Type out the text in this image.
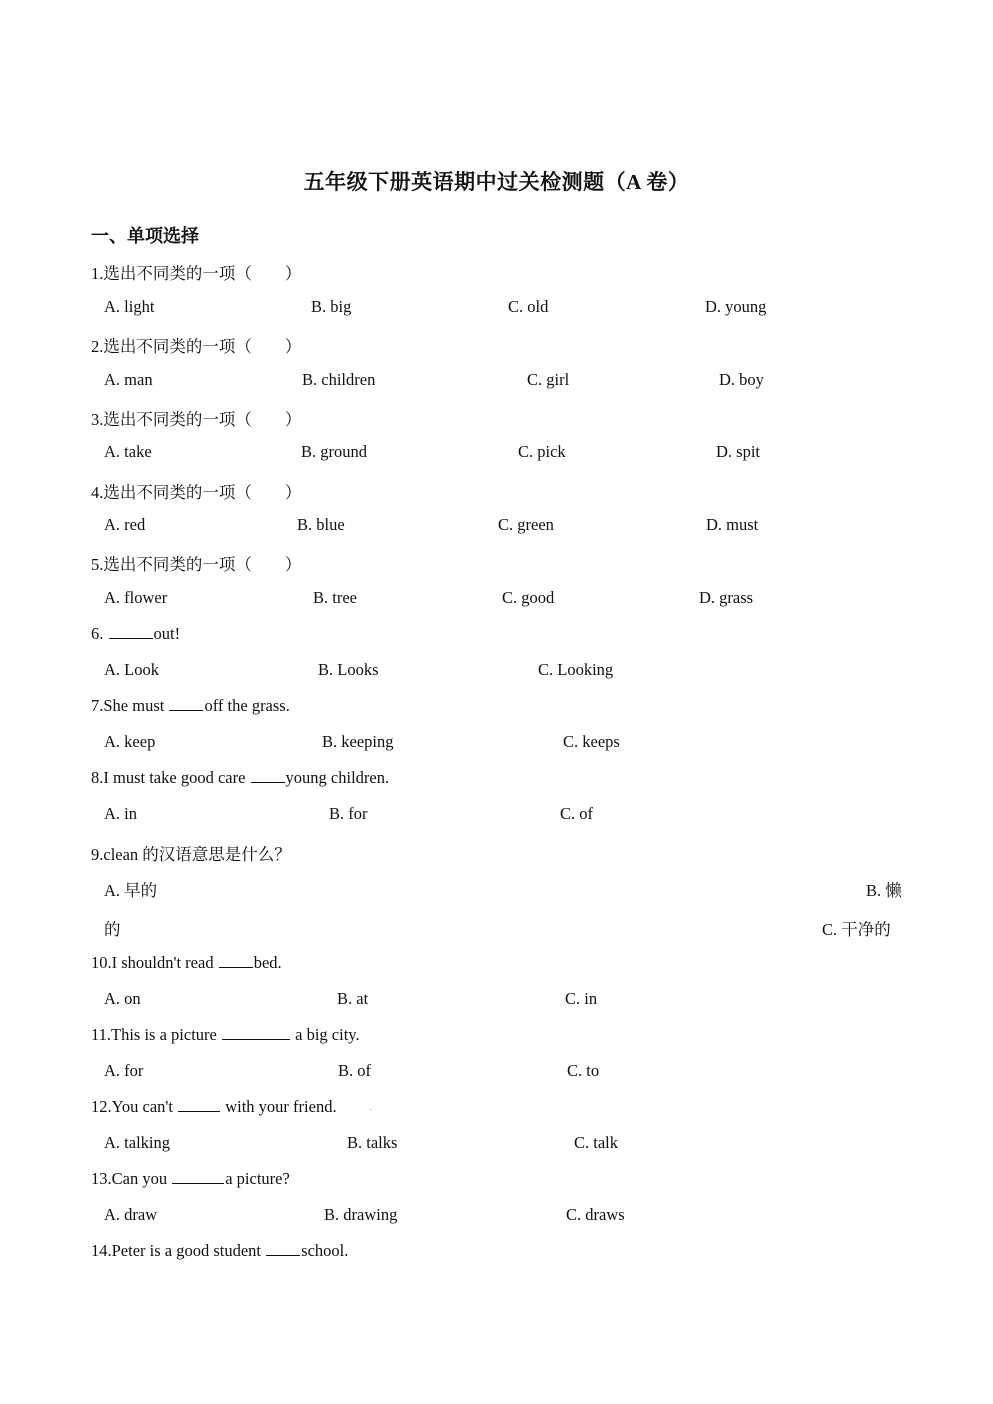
五年级下册英语期中过关检测题（A 卷）
一、单项选择
1.选出不同类的一项（　　）
A. light	B. big	C. old	D. young
2.选出不同类的一项（　　）
A. man	B. children	C. girl	D. boy
3.选出不同类的一项（　　）
A. take	B. ground	C. pick	D. spit
4.选出不同类的一项（　　）
A. red	B. blue	C. green	D. must
5.选出不同类的一项（　　）
A. flower	B. tree	C. good	D. grass
6.	out!
A. Look	B. Looks	C. Looking
7.She must off the grass.
A. keep	B. keeping	C. keeps
8.I must take good care young children.
A. in	B. for	C. of
9.clean 的汉语意思是什么？
A. 早的	B. 懒
的	C. 干净的
10.I shouldn't read bed.
A. on	B. at	C. in
11.This is a picture	a big city.
A. for	B. of	C. to
12.You can't	with your friend.	·
A. talking	B. talks	C. talk
13.Can you	a picture?
A. draw	B. drawing	C. draws
14.Peter is a good student school.
